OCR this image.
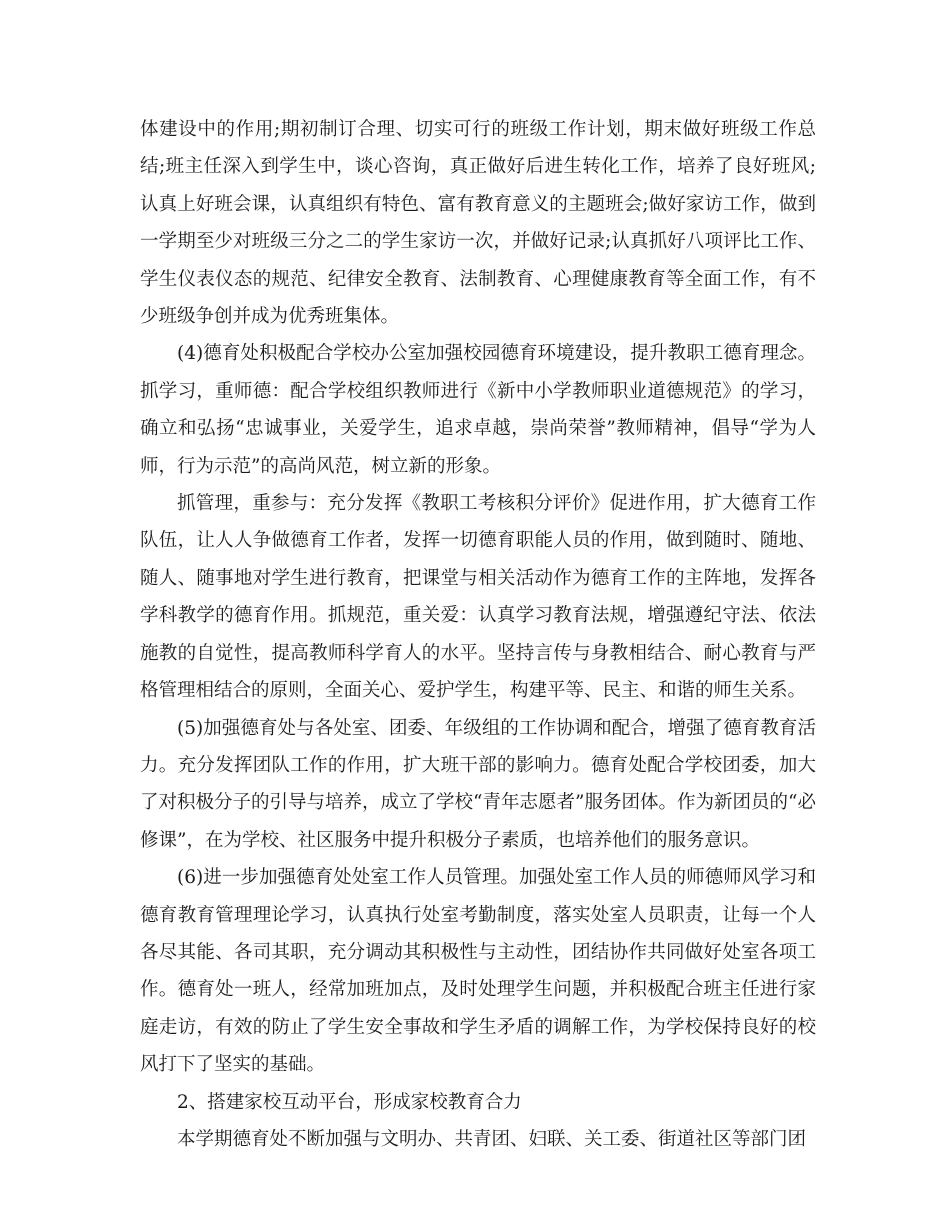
体建设中的作用;期初制订合理、切实可行的班级工作计划，期末做好班级工作总结;班主任深入到学生中，谈心咨询，真正做好后进生转化工作，培养了良好班风;认真上好班会课，认真组织有特色、富有教育意义的主题班会;做好家访工作，做到一学期至少对班级三分之二的学生家访一次，并做好记录;认真抓好八项评比工作、学生仪表仪态的规范、纪律安全教育、法制教育、心理健康教育等全面工作，有不少班级争创并成为优秀班集体。

(4)德育处积极配合学校办公室加强校园德育环境建设，提升教职工德育理念。抓学习，重师德：配合学校组织教师进行《新中小学教师职业道德规范》的学习，确立和弘扬“忠诚事业，关爱学生，追求卓越，崇尚荣誉”教师精神，倡导“学为人师，行为示范”的高尚风范，树立新的形象。

抓管理，重参与：充分发挥《教职工考核积分评价》促进作用，扩大德育工作队伍，让人人争做德育工作者，发挥一切德育职能人员的作用，做到随时、随地、随人、随事地对学生进行教育，把课堂与相关活动作为德育工作的主阵地，发挥各学科教学的德育作用。抓规范，重关爱：认真学习教育法规，增强遵纪守法、依法施教的自觉性，提高教师科学育人的水平。坚持言传与身教相结合、耐心教育与严格管理相结合的原则，全面关心、爱护学生，构建平等、民主、和谐的师生关系。

(5)加强德育处与各处室、团委、年级组的工作协调和配合，增强了德育教育活力。充分发挥团队工作的作用，扩大班干部的影响力。德育处配合学校团委，加大了对积极分子的引导与培养，成立了学校“青年志愿者”服务团体。作为新团员的“必修课”，在为学校、社区服务中提升积极分子素质，也培养他们的服务意识。

(6)进一步加强德育处处室工作人员管理。加强处室工作人员的师德师风学习和德育教育管理理论学习，认真执行处室考勤制度，落实处室人员职责，让每一个人各尽其能、各司其职，充分调动其积极性与主动性，团结协作共同做好处室各项工作。德育处一班人，经常加班加点，及时处理学生问题，并积极配合班主任进行家庭走访，有效的防止了学生安全事故和学生矛盾的调解工作，为学校保持良好的校风打下了坚实的基础。

2、搭建家校互动平台，形成家校教育合力

本学期德育处不断加强与文明办、共青团、妇联、关工委、街道社区等部门团
